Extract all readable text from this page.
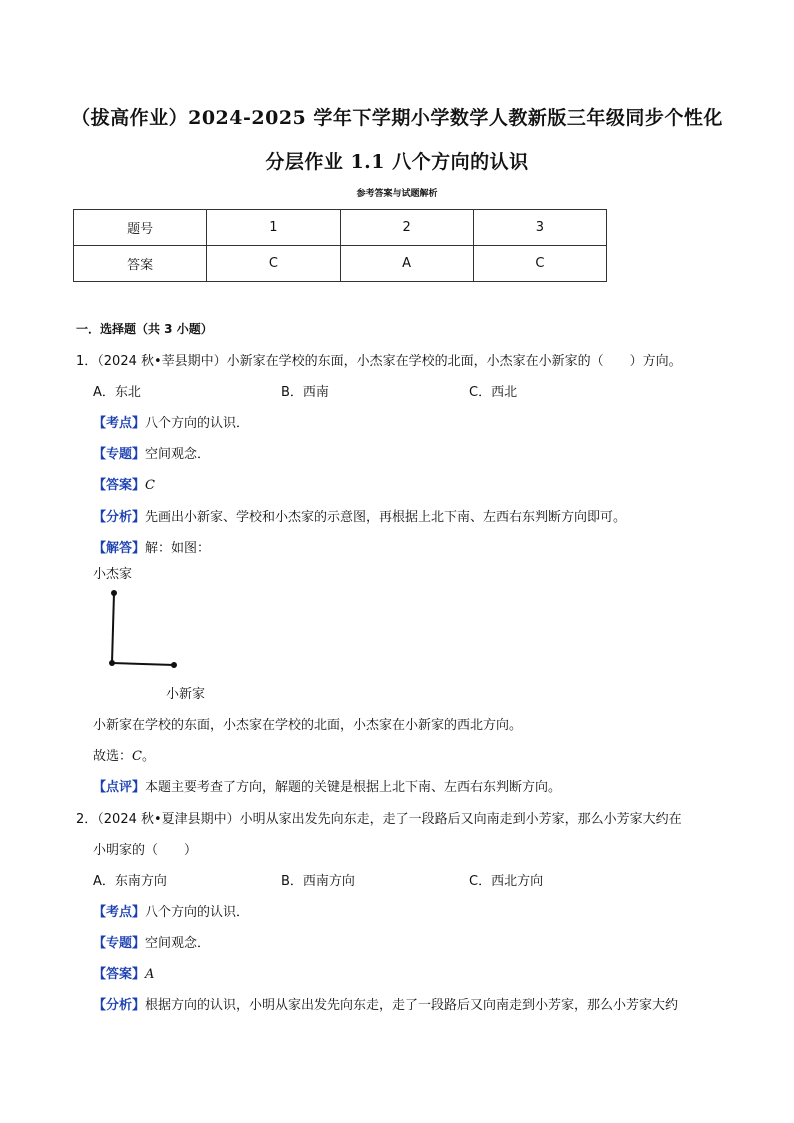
（拔高作业）2024-2025 学年下学期小学数学人教新版三年级同步个性化
分层作业 1.1 八个方向的认识
参考答案与试题解析
题号	1	2	3
答案	C	A	C
一．选择题（共 3 小题）
1．（2024 秋•莘县期中）小新家在学校的东面，小杰家在学校的北面，小杰家在小新家的（　　）方向。
A．东北	B．西南	C．西北
【考点】八个方向的认识．
【专题】空间观念．
【答案】C
【分析】先画出小新家、学校和小杰家的示意图，再根据上北下南、左西右东判断方向即可。
【解答】解：如图：
小杰家
小新家
小新家在学校的东面，小杰家在学校的北面，小杰家在小新家的西北方向。
故选：C。
【点评】本题主要考查了方向，解题的关键是根据上北下南、左西右东判断方向。
2．（2024 秋•夏津县期中）小明从家出发先向东走，走了一段路后又向南走到小芳家，那么小芳家大约在
小明家的（　　）
A．东南方向	B．西南方向	C．西北方向
【考点】八个方向的认识．
【专题】空间观念．
【答案】A
【分析】根据方向的认识，小明从家出发先向东走，走了一段路后又向南走到小芳家，那么小芳家大约
